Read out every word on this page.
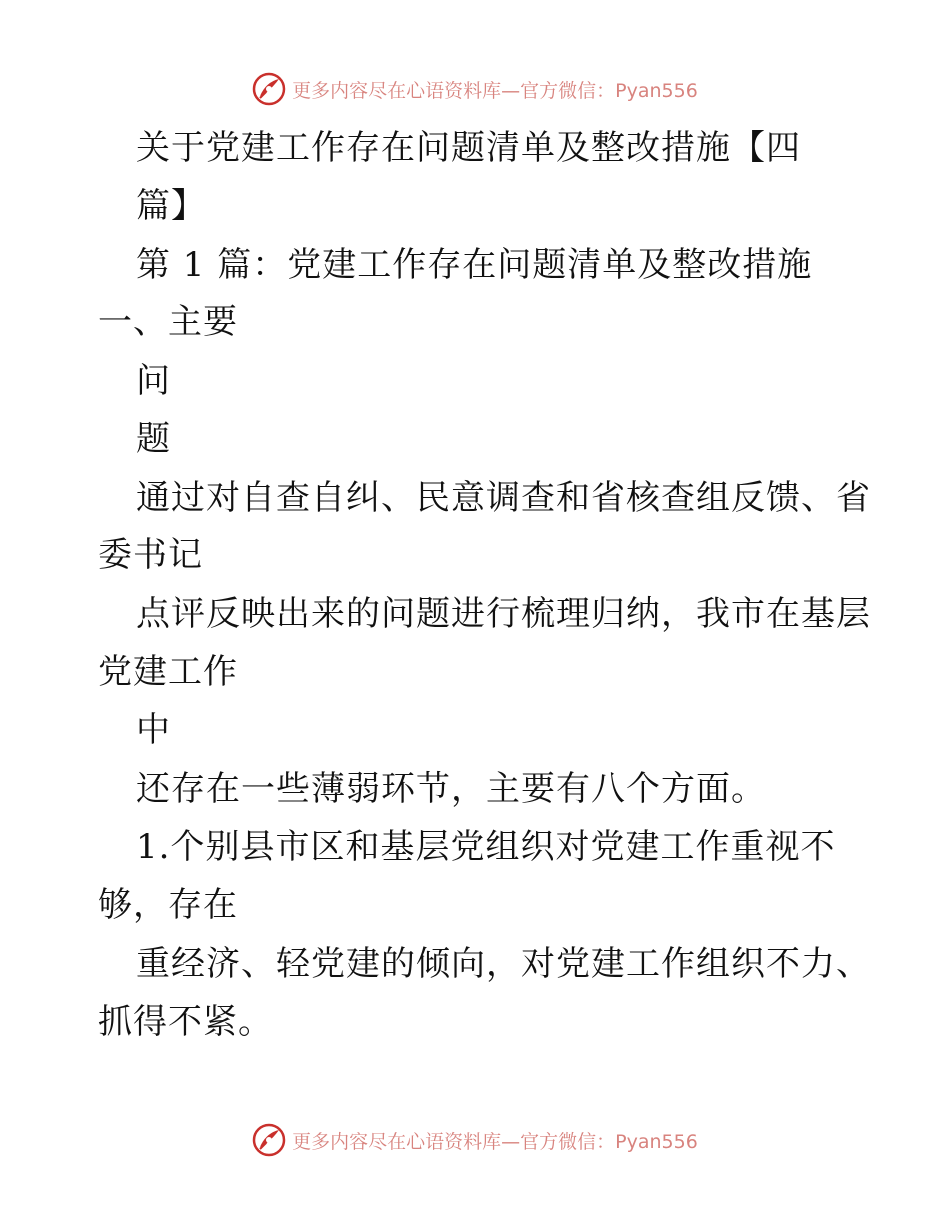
更多内容尽在心语资料库—官方微信：Pyan556
关于党建工作存在问题清单及整改措施【四
篇】
第 1 篇：党建工作存在问题清单及整改措施
一、主要
问
题
通过对自查自纠、民意调查和省核查组反馈、省
委书记
点评反映出来的问题进行梳理归纳，我市在基层
党建工作
中
还存在一些薄弱环节，主要有八个方面。
1.个别县市区和基层党组织对党建工作重视不
够，存在
重经济、轻党建的倾向，对党建工作组织不力、
抓得不紧。
更多内容尽在心语资料库—官方微信：Pyan556
